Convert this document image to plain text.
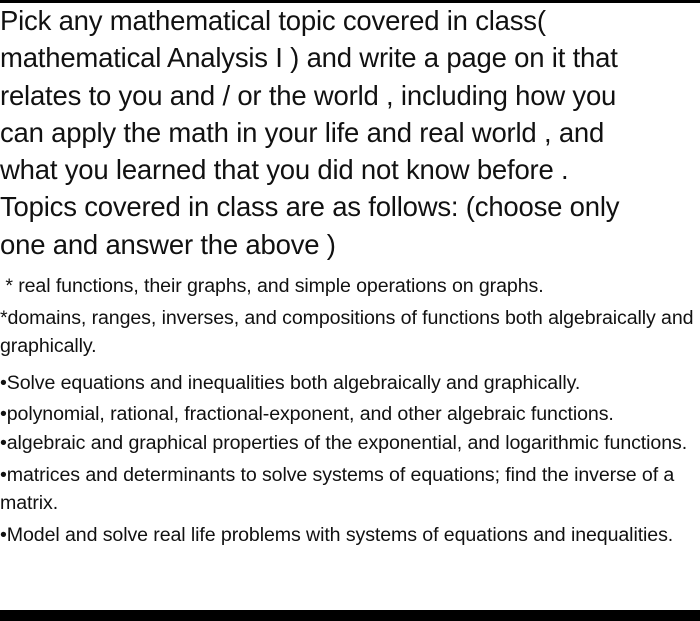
Pick any mathematical topic covered in class(
mathematical Analysis I ) and write a page on it that
relates to you and / or the world , including how you
can apply the math in your life and real world , and
what you learned that you did not know before .
Topics covered in class are as follows: (choose only
one and answer the above )

* real functions, their graphs, and simple operations on graphs.
*domains, ranges, inverses, and compositions of functions both algebraically and graphically.
•Solve equations and inequalities both algebraically and graphically.
•polynomial, rational, fractional-exponent, and other algebraic functions.
•algebraic and graphical properties of the exponential, and logarithmic functions.
•matrices and determinants to solve systems of equations; find the inverse of a matrix.
•Model and solve real life problems with systems of equations and inequalities.
